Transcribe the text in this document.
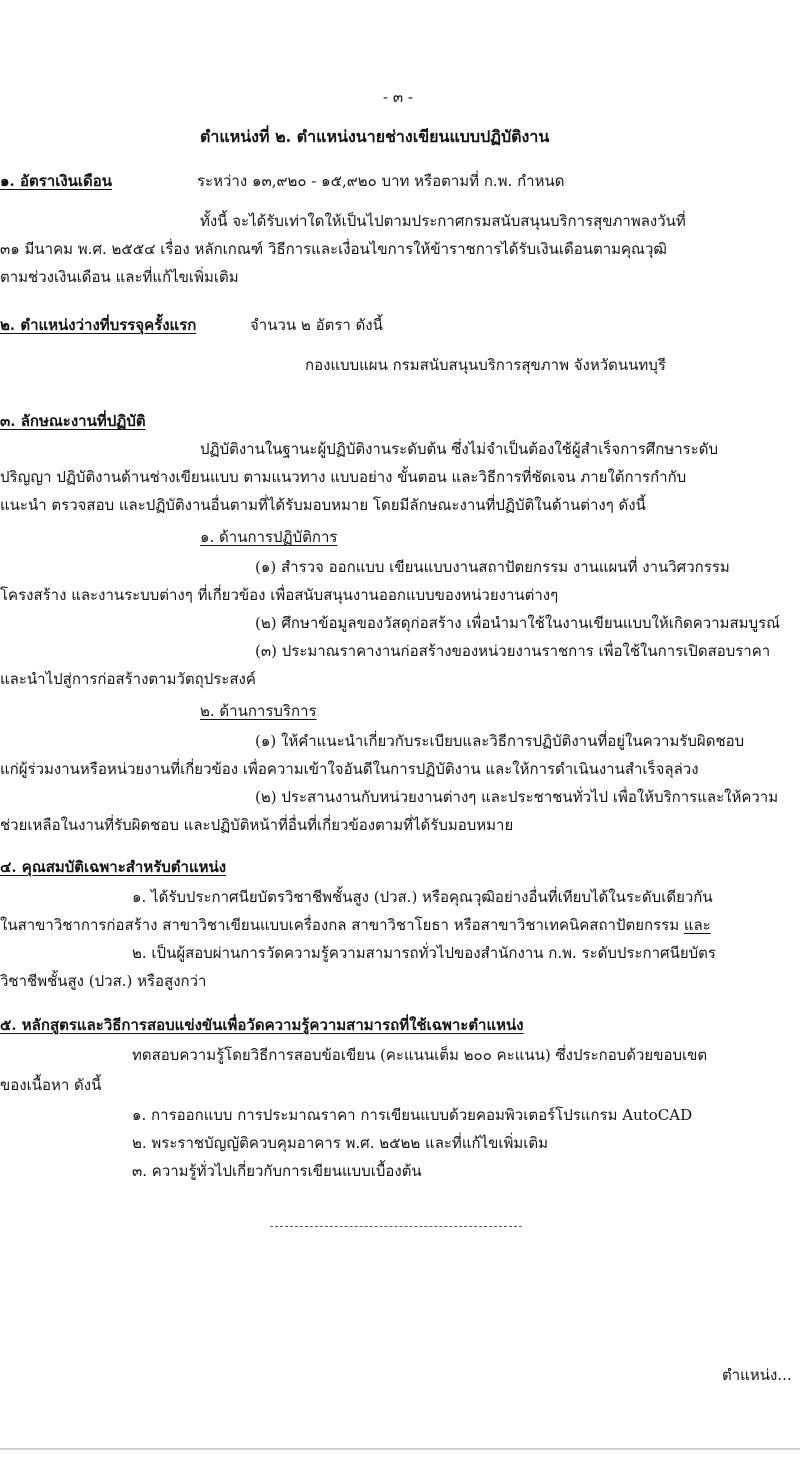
- ๓ -
ตำแหน่งที่ ๒. ตำแหน่งนายช่างเขียนแบบปฏิบัติงาน
๑. อัตราเงินเดือน	ระหว่าง ๑๓,๙๒๐ - ๑๕,๙๒๐ บาท หรือตามที่ ก.พ. กำหนด
ทั้งนี้ จะได้รับเท่าใดให้เป็นไปตามประกาศกรมสนับสนุนบริการสุขภาพลงวันที่
๓๑ มีนาคม พ.ศ. ๒๕๕๔ เรื่อง หลักเกณฑ์ วิธีการและเงื่อนไขการให้ข้าราชการได้รับเงินเดือนตามคุณวุฒิ
ตามช่วงเงินเดือน และที่แก้ไขเพิ่มเติม
๒. ตำแหน่งว่างที่บรรจุครั้งแรก	จำนวน ๒ อัตรา ดังนี้
กองแบบแผน กรมสนับสนุนบริการสุขภาพ จังหวัดนนทบุรี
๓. ลักษณะงานที่ปฏิบัติ
ปฏิบัติงานในฐานะผู้ปฏิบัติงานระดับต้น ซึ่งไม่จำเป็นต้องใช้ผู้สำเร็จการศึกษาระดับ
ปริญญา ปฏิบัติงานด้านช่างเขียนแบบ ตามแนวทาง แบบอย่าง ขั้นตอน และวิธีการที่ชัดเจน ภายใต้การกำกับ
แนะนำ ตรวจสอบ และปฏิบัติงานอื่นตามที่ได้รับมอบหมาย โดยมีลักษณะงานที่ปฏิบัติในด้านต่างๆ ดังนี้
๑. ด้านการปฏิบัติการ
(๑) สำรวจ ออกแบบ เขียนแบบงานสถาปัตยกรรม งานแผนที่ งานวิศวกรรม
โครงสร้าง และงานระบบต่างๆ ที่เกี่ยวข้อง เพื่อสนับสนุนงานออกแบบของหน่วยงานต่างๆ
(๒) ศึกษาข้อมูลของวัสดุก่อสร้าง เพื่อนำมาใช้ในงานเขียนแบบให้เกิดความสมบูรณ์
(๓) ประมาณราคางานก่อสร้างของหน่วยงานราชการ เพื่อใช้ในการเปิดสอบราคา
และนำไปสู่การก่อสร้างตามวัตถุประสงค์
๒. ด้านการบริการ
(๑) ให้คำแนะนำเกี่ยวกับระเบียบและวิธีการปฏิบัติงานที่อยู่ในความรับผิดชอบ
แก่ผู้ร่วมงานหรือหน่วยงานที่เกี่ยวข้อง เพื่อความเข้าใจอันดีในการปฏิบัติงาน และให้การดำเนินงานสำเร็จลุล่วง
(๒) ประสานงานกับหน่วยงานต่างๆ และประชาชนทั่วไป เพื่อให้บริการและให้ความ
ช่วยเหลือในงานที่รับผิดชอบ และปฏิบัติหน้าที่อื่นที่เกี่ยวข้องตามที่ได้รับมอบหมาย
๔. คุณสมบัติเฉพาะสำหรับตำแหน่ง
๑. ได้รับประกาศนียบัตรวิชาชีพชั้นสูง (ปวส.) หรือคุณวุฒิอย่างอื่นที่เทียบได้ในระดับเดียวกัน
ในสาขาวิชาการก่อสร้าง สาขาวิชาเขียนแบบเครื่องกล สาขาวิชาโยธา หรือสาขาวิชาเทคนิคสถาปัตยกรรม และ
๒. เป็นผู้สอบผ่านการวัดความรู้ความสามารถทั่วไปของสำนักงาน ก.พ. ระดับประกาศนียบัตร
วิชาชีพชั้นสูง (ปวส.) หรือสูงกว่า
๕. หลักสูตรและวิธีการสอบแข่งขันเพื่อวัดความรู้ความสามารถที่ใช้เฉพาะตำแหน่ง
ทดสอบความรู้โดยวิธีการสอบข้อเขียน (คะแนนเต็ม ๒๐๐ คะแนน) ซึ่งประกอบด้วยขอบเขต
ของเนื้อหา ดังนี้
๑. การออกแบบ การประมาณราคา การเขียนแบบด้วยคอมพิวเตอร์โปรแกรม AutoCAD
๒. พระราชบัญญัติควบคุมอาคาร พ.ศ. ๒๕๒๒ และที่แก้ไขเพิ่มเติม
๓. ความรู้ทั่วไปเกี่ยวกับการเขียนแบบเบื้องต้น
ตำแหน่ง...
